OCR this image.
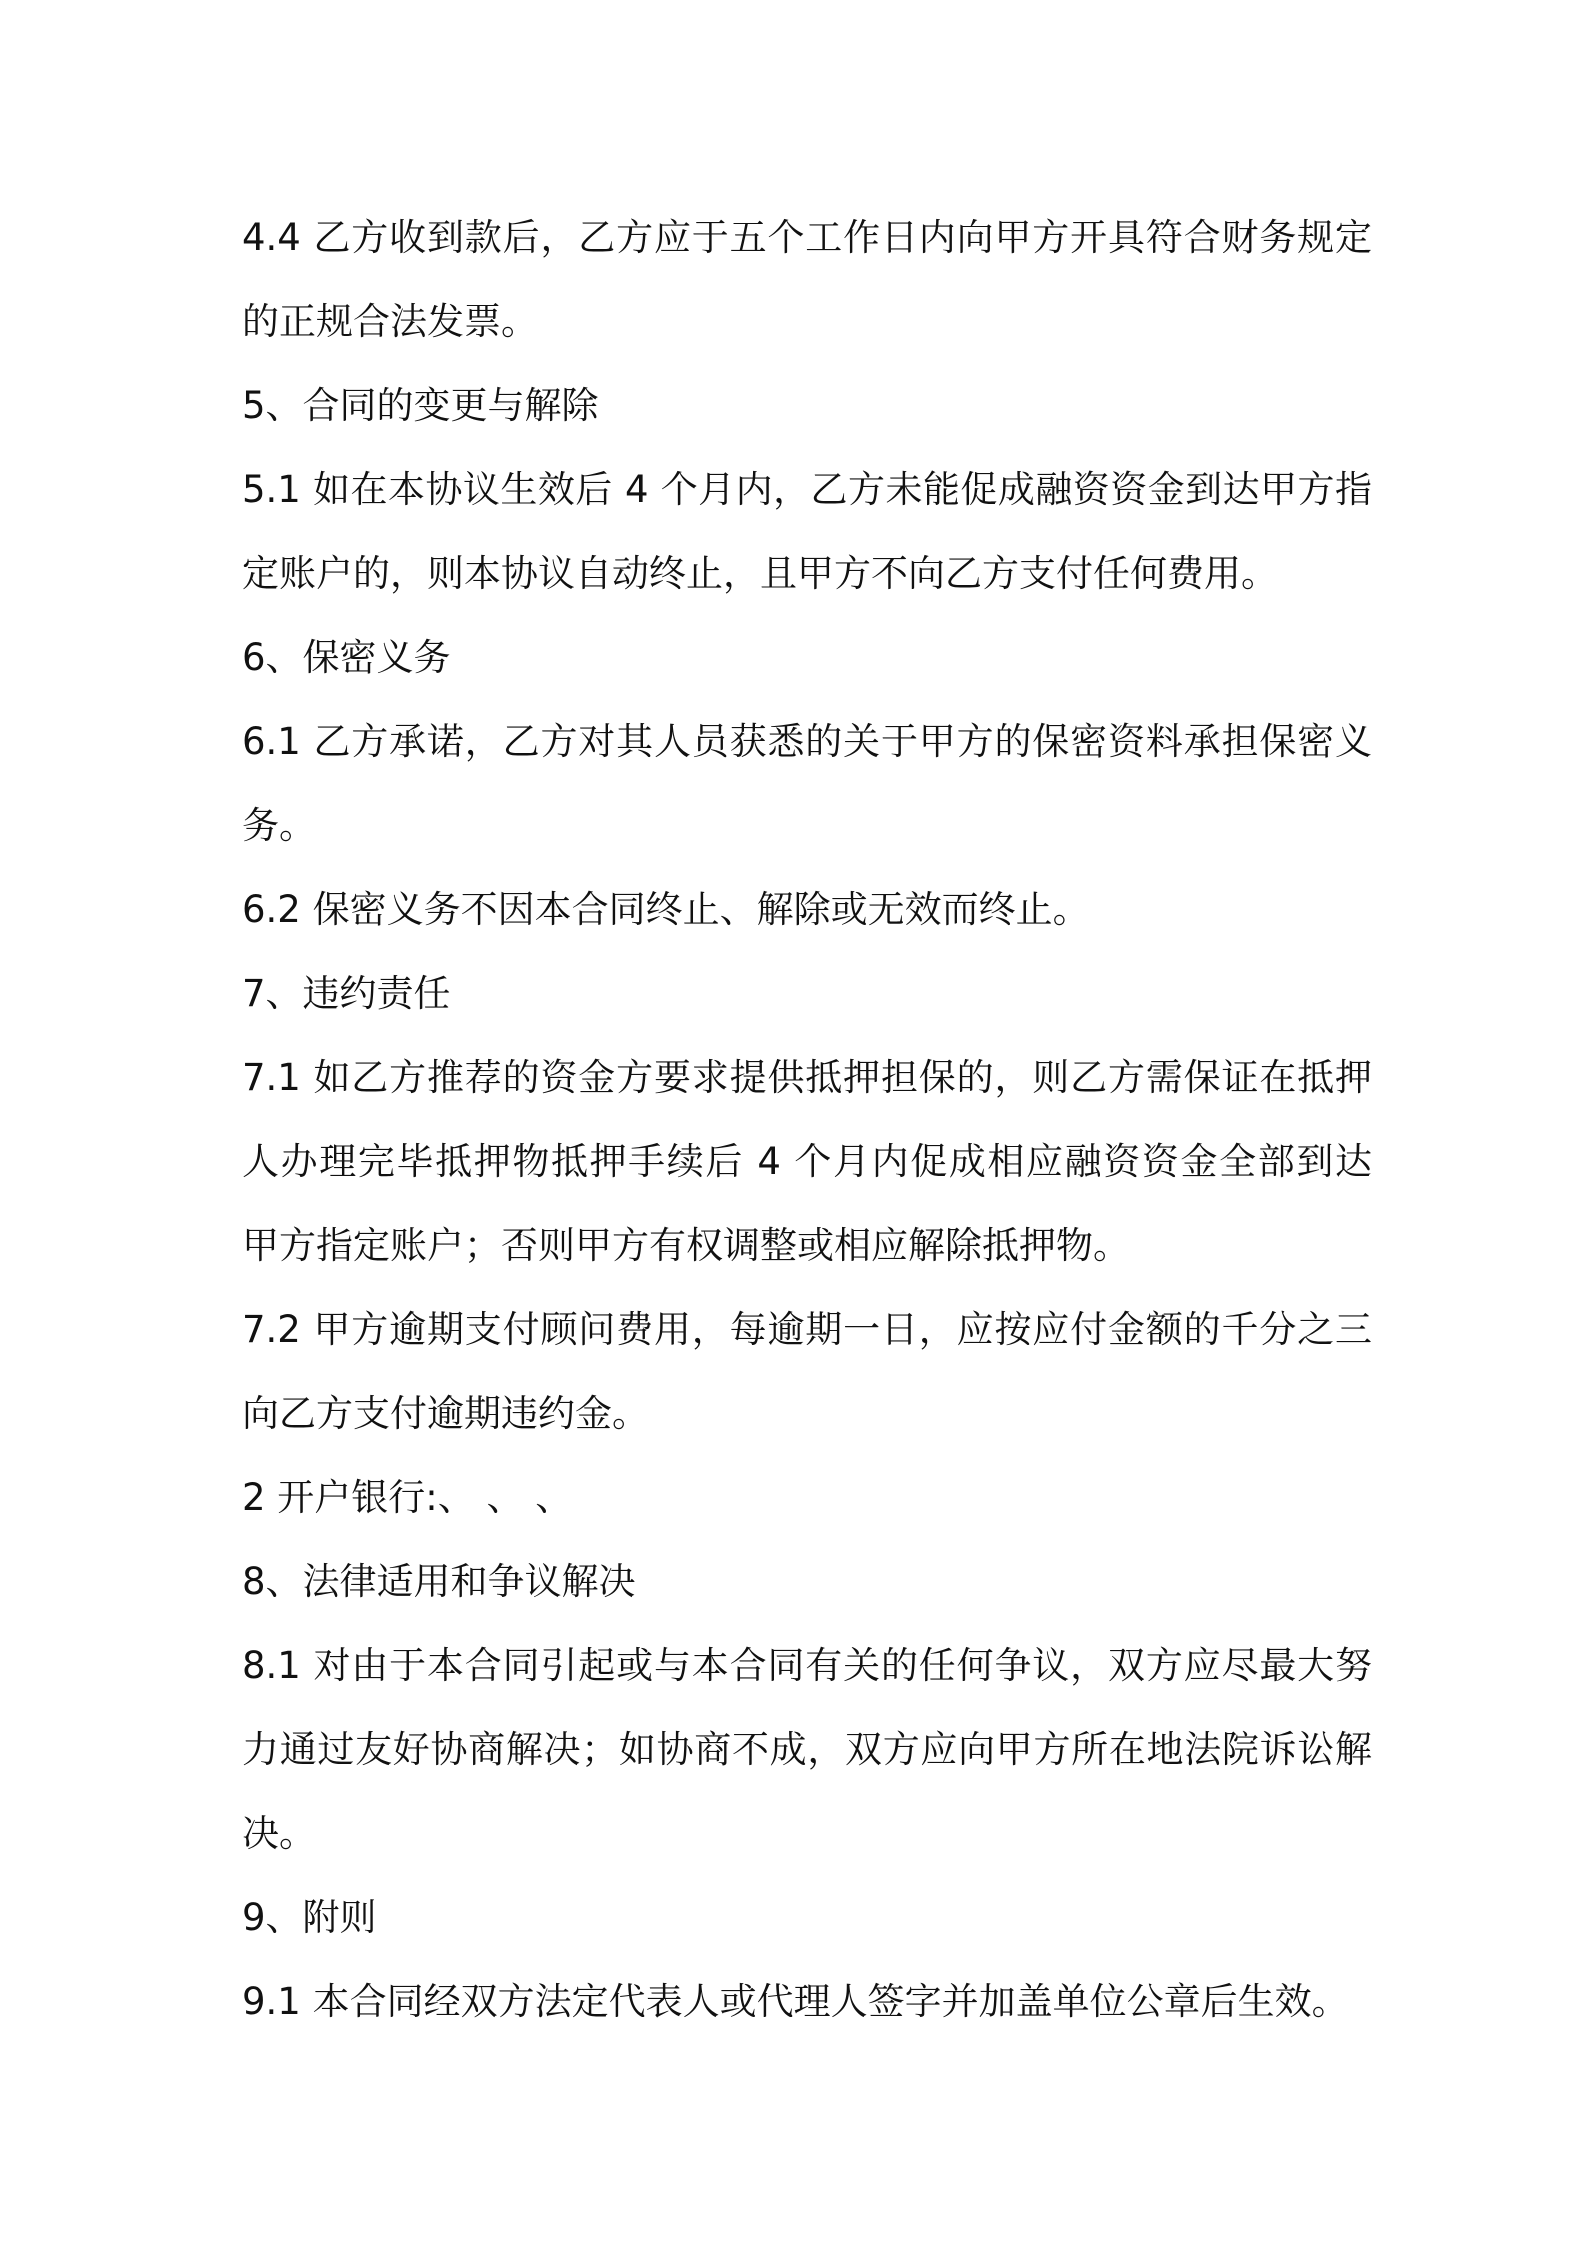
4.4 乙方收到款后，乙方应于五个工作日内向甲方开具符合财务规定
的正规合法发票。
5、合同的变更与解除
5.1 如在本协议生效后 4 个月内，乙方未能促成融资资金到达甲方指
定账户的，则本协议自动终止，且甲方不向乙方支付任何费用。
6、保密义务
6.1 乙方承诺，乙方对其人员获悉的关于甲方的保密资料承担保密义
务。
6.2 保密义务不因本合同终止、解除或无效而终止。
7、违约责任
7.1 如乙方推荐的资金方要求提供抵押担保的，则乙方需保证在抵押
人办理完毕抵押物抵押手续后 4 个月内促成相应融资资金全部到达
甲方指定账户；否则甲方有权调整或相应解除抵押物。
7.2 甲方逾期支付顾问费用，每逾期一日，应按应付金额的千分之三
向乙方支付逾期违约金。
2 开户银行:、 、 、
8、法律适用和争议解决
8.1 对由于本合同引起或与本合同有关的任何争议，双方应尽最大努
力通过友好协商解决；如协商不成，双方应向甲方所在地法院诉讼解
决。
9、附则
9.1 本合同经双方法定代表人或代理人签字并加盖单位公章后生效。
